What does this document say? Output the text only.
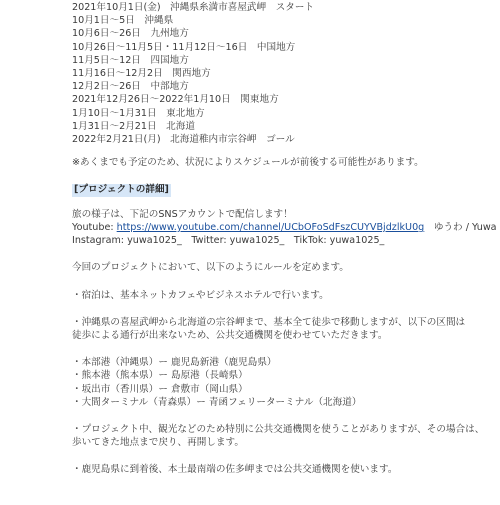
2021年10月1日(金)　沖縄県糸満市喜屋武岬　スタート
10月1日〜5日　沖縄県
10月6日〜26日　九州地方
10月26日〜11月5日・11月12日〜16日　中国地方
11月5日〜12日　四国地方
11月16日〜12月2日　関西地方
12月2日〜26日　中部地方
2021年12月26日〜2022年1月10日　関東地方
1月10日〜1月31日　東北地方
1月31日〜2月21日　北海道
2022年2月21日(月)　北海道稚内市宗谷岬　ゴール
※あくまでも予定のため、状況によりスケジュールが前後する可能性があります。
[プロジェクトの詳細]
旅の様子は、下記のSNSアカウントで配信します！
Youtube: https://www.youtube.com/channel/UCbOFoSdFszCUYVBjdzlkU0g　ゆうわ / Yuwa
Instagram: yuwa1025_　Twitter: yuwa1025_　TikTok: yuwa1025_
今回のプロジェクトにおいて、以下のようにルールを定めます。
・宿泊は、基本ネットカフェやビジネスホテルで行います。
・沖縄県の喜屋武岬から北海道の宗谷岬まで、基本全て徒歩で移動しますが、以下の区間は
徒歩による通行が出来ないため、公共交通機関を使わせていただきます。
・本部港（沖縄県）ー 鹿児島新港（鹿児島県）
・熊本港（熊本県）ー 島原港（長崎県）
・坂出市（香川県）ー 倉敷市（岡山県）
・大間ターミナル（青森県）ー 青函フェリーターミナル（北海道）
・プロジェクト中、観光などのため特別に公共交通機関を使うことがありますが、その場合は、
歩いてきた地点まで戻り、再開します。
・鹿児島県に到着後、本土最南端の佐多岬までは公共交通機関を使います。
